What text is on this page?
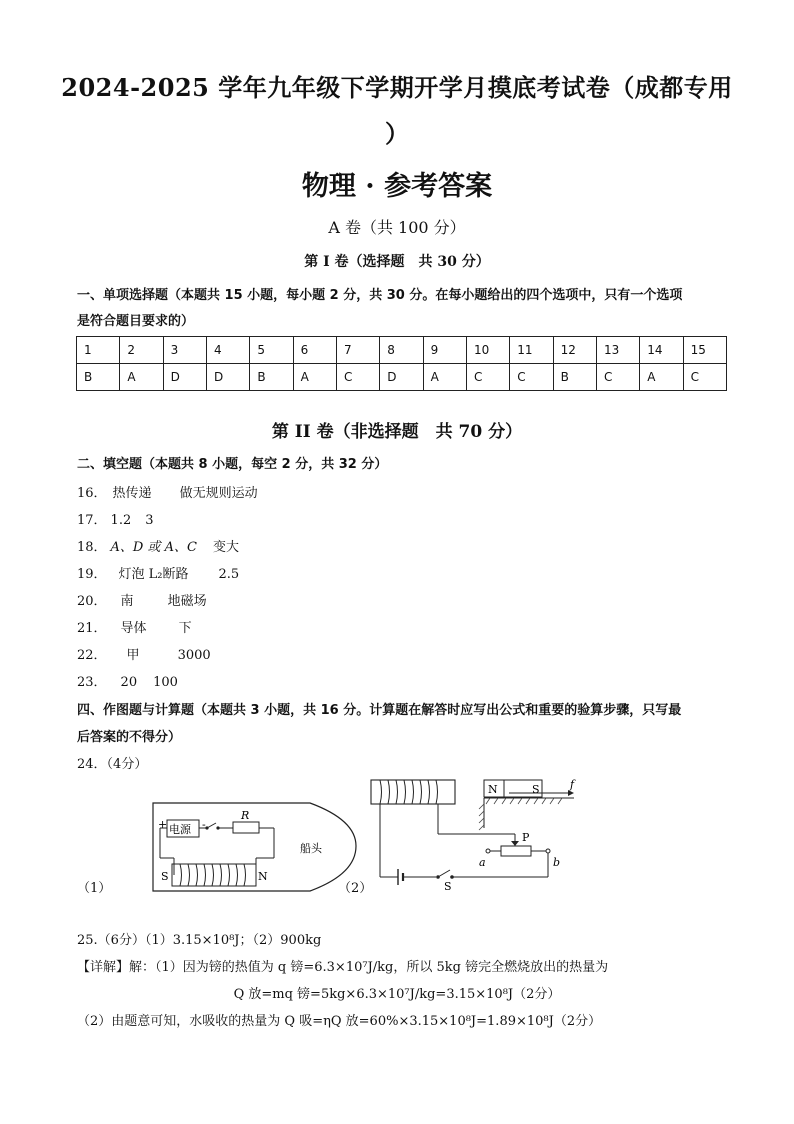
2024-2025 学年九年级下学期开学月摸底考试卷（成都专用
）
物理 · 参考答案
A 卷（共 100 分）
第 I 卷（选择题　共 30 分）
一、单项选择题（本题共 15 小题，每小题 2 分，共 30 分。在每小题给出的四个选项中，只有一个选项
是符合题目要求的）
1	2	3	4	5	6	7	8	9	10	11	12	13	14	15
B	A	D	D	B	A	C	D	A	C	C	B	C	A	C
第 II 卷（非选择题　共 70 分）
二、填空题（本题共 8 小题，每空 2 分，共 32 分）
16． 热传递 做无规则运动
17． 1.2 3
18． A、D 或 A、C 变大
19． 灯泡 L₂断路 2.5
20． 南	地磁场
21． 导体 下
22． 甲	3000
23． 20 100
四、作图题与计算题（本题共 3 小题，共 16 分。计算题在解答时应写出公式和重要的验算步骤，只写最
后答案的不得分）
24．（4分）
（1）	（2）
电源
+	-
R
S	N
船头
S
P
a	b
N	S	f
25.（6分）（1）3.15×10⁸J；（2）900kg
【详解】解：（1）因为镑的热值为 q 镑=6.3×10⁷J/kg，所以 5kg 镑完全燃烧放出的热量为
Q 放=mq 镑=5kg×6.3×10⁷J/kg=3.15×10⁸J（2分）
（2）由题意可知，水吸收的热量为 Q 吸=ηQ 放=60%×3.15×10⁸J=1.89×10⁸J（2分）
